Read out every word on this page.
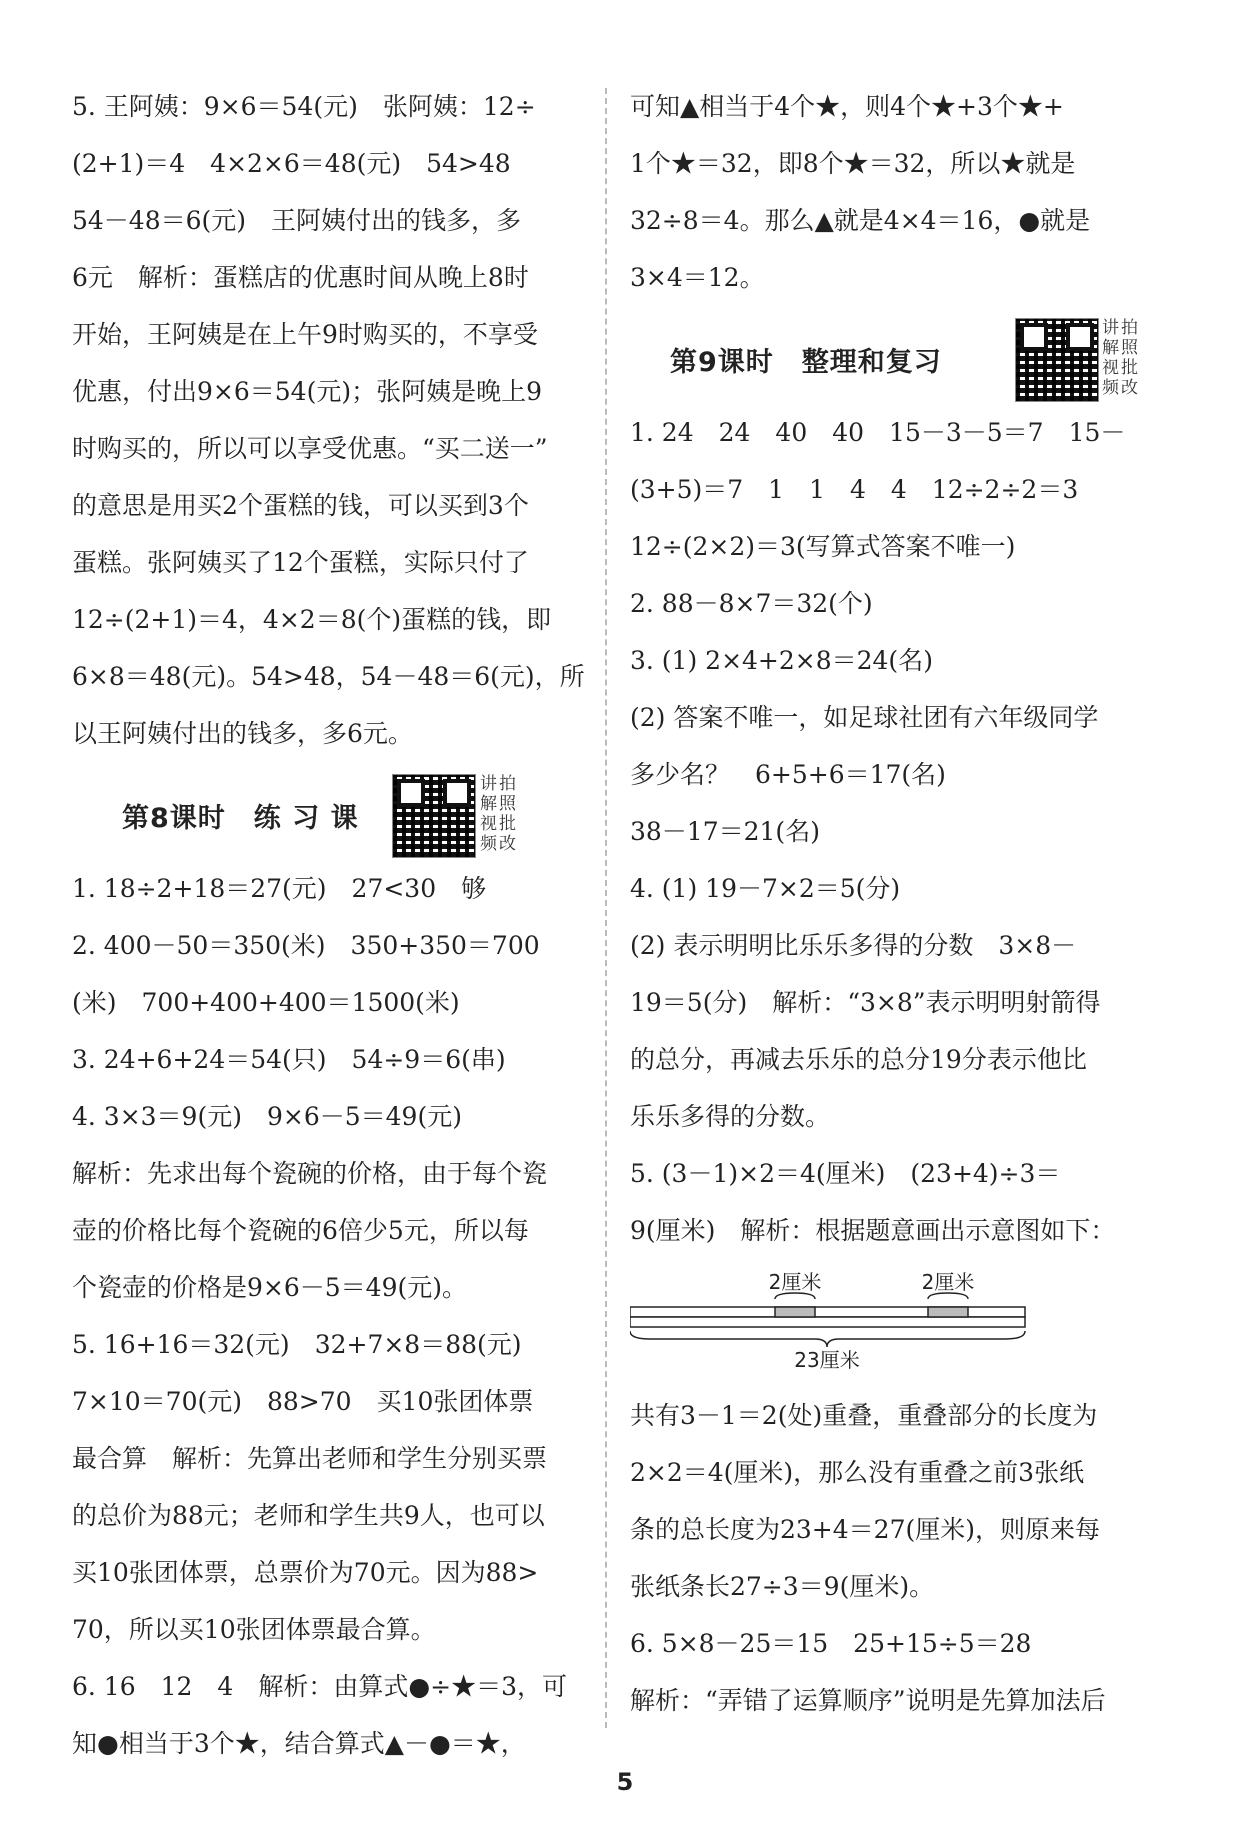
5. 王阿姨：9×6＝54(元)　张阿姨：12÷

(2+1)＝4　4×2×6＝48(元)　54>48

54－48＝6(元)　王阿姨付出的钱多，多

6元　解析：蛋糕店的优惠时间从晚上8时

开始，王阿姨是在上午9时购买的，不享受

优惠，付出9×6＝54(元)；张阿姨是晚上9

时购买的，所以可以享受优惠。“买二送一”

的意思是用买2个蛋糕的钱，可以买到3个

蛋糕。张阿姨买了12个蛋糕，实际只付了

12÷(2+1)＝4，4×2＝8(个)蛋糕的钱，即

6×8＝48(元)。54>48，54－48＝6(元)，所

以王阿姨付出的钱多，多6元。

第8课时　练 习 课
讲拍解照视批频改

1. 18÷2+18＝27(元)　27<30　够

2. 400－50＝350(米)　350+350＝700

(米)　700+400+400＝1500(米)

3. 24+6+24＝54(只)　54÷9＝6(串)

4. 3×3＝9(元)　9×6－5＝49(元)

解析：先求出每个瓷碗的价格，由于每个瓷

壶的价格比每个瓷碗的6倍少5元，所以每

个瓷壶的价格是9×6－5＝49(元)。

5. 16+16＝32(元)　32+7×8＝88(元)

7×10＝70(元)　88>70　买10张团体票

最合算　解析：先算出老师和学生分别买票

的总价为88元；老师和学生共9人，也可以

买10张团体票，总票价为70元。因为88>

70，所以买10张团体票最合算。

6. 16　12　4　解析：由算式●÷★＝3，可

知●相当于3个★，结合算式▲－●＝★，

可知▲相当于4个★，则4个★+3个★+

1个★＝32，即8个★＝32，所以★就是

32÷8＝4。那么▲就是4×4＝16，●就是

3×4＝12。

第9课时　整理和复习
讲拍解照视批频改

1. 24　24　40　40　15－3－5＝7　15－

(3+5)＝7　1　1　4　4　12÷2÷2＝3

12÷(2×2)＝3(写算式答案不唯一)

2. 88－8×7＝32(个)

3. (1) 2×4+2×8＝24(名)

(2) 答案不唯一，如足球社团有六年级同学

多少名？　6+5+6＝17(名)

38－17＝21(名)

4. (1) 19－7×2＝5(分)

(2) 表示明明比乐乐多得的分数　3×8－

19＝5(分)　解析：“3×8”表示明明射箭得

的总分，再减去乐乐的总分19分表示他比

乐乐多得的分数。

5. (3－1)×2＝4(厘米)　(23+4)÷3＝

9(厘米)　解析：根据题意画出示意图如下：

2厘米	2厘米
23厘米

共有3－1＝2(处)重叠，重叠部分的长度为

2×2＝4(厘米)，那么没有重叠之前3张纸

条的总长度为23+4＝27(厘米)，则原来每

张纸条长27÷3＝9(厘米)。

6. 5×8－25＝15　25+15÷5＝28

解析：“弄错了运算顺序”说明是先算加法后

5
